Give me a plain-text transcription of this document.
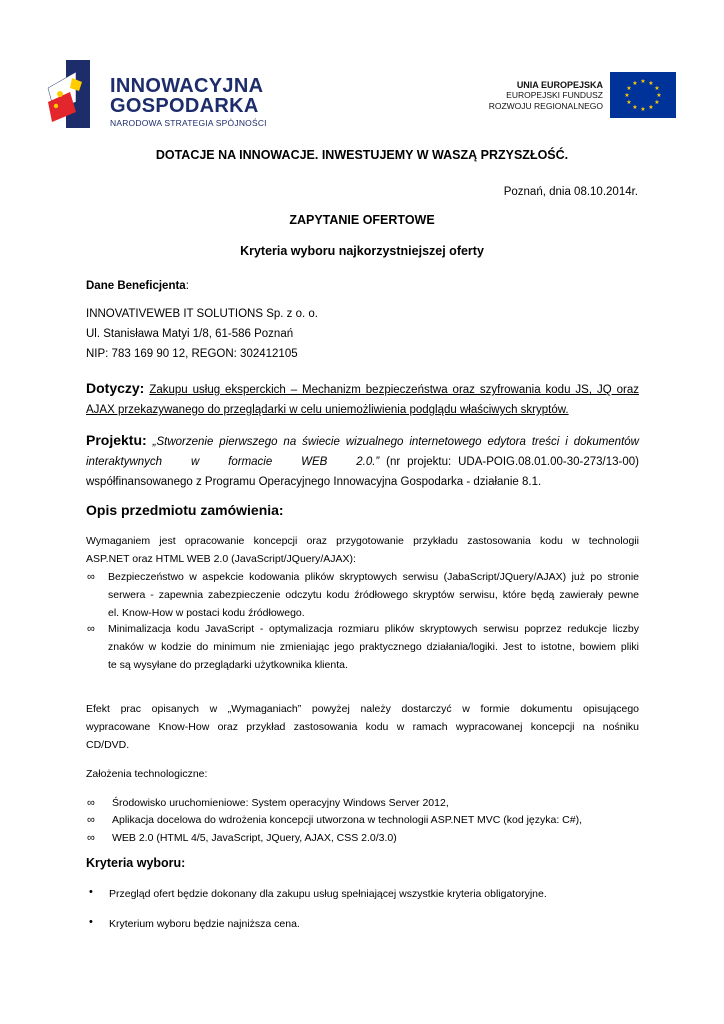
INNOWACYJNA
GOSPODARKA
NARODOWA STRATEGIA SPÓJNOŚCI
UNIA EUROPEJSKA
EUROPEJSKI FUNDUSZ
ROZWOJU REGIONALNEGO
★ ★
★
★
★
★
★
★
★
★
★
★
DOTACJE NA INNOWACJE. INWESTUJEMY W WASZĄ PRZYSZŁOŚĆ.
Poznań, dnia 08.10.2014r.
ZAPYTANIE OFERTOWE
Kryteria wyboru najkorzystniejszej oferty
Dane Beneficjenta:
INNOVATIVEWEB IT SOLUTIONS Sp. z o. o.
Ul. Stanisława Matyi 1/8, 61-586 Poznań
NIP: 783 169 90 12, REGON: 302412105
Dotyczy: Zakupu usług eksperckich – Mechanizm bezpieczeństwa oraz szyfrowania kodu JS, JQ oraz
AJAX przekazywanego do przeglądarki w celu uniemożliwienia podglądu właściwych skryptów.
Projektu: „Stworzenie pierwszego na świecie wizualnego internetowego edytora treści i dokumentów
interaktywnych w formacie WEB 2.0.” (nr projektu: UDA-POIG.08.01.00-30-273/13-00)
współfinansowanego z Programu Operacyjnego Innowacyjna Gospodarka - działanie 8.1.
Opis przedmiotu zamówienia:
Wymaganiem jest opracowanie koncepcji oraz przygotowanie przykładu zastosowania kodu w technologii
ASP.NET oraz HTML WEB 2.0 (JavaScript/JQuery/AJAX):
∞ Bezpieczeństwo w aspekcie kodowania plików skryptowych serwisu (JabaScript/JQuery/AJAX) już po stronie
serwera - zapewnia zabezpieczenie odczytu kodu źródłowego skryptów serwisu, które będą zawierały pewne
el. Know-How w postaci kodu źródłowego.
∞ Minimalizacja kodu JavaScript - optymalizacja rozmiaru plików skryptowych serwisu poprzez redukcje liczby
znaków w kodzie do minimum nie zmieniając jego praktycznego działania/logiki. Jest to istotne, bowiem pliki
te są wysyłane do przeglądarki użytkownika klienta.
Efekt prac opisanych w „Wymaganiach” powyżej należy dostarczyć w formie dokumentu opisującego
wypracowane Know-How oraz przykład zastosowania kodu w ramach wypracowanej koncepcji na nośniku
CD/DVD.
Założenia technologiczne:
∞ Środowisko uruchomieniowe: System operacyjny Windows Server 2012,
∞ Aplikacja docelowa do wdrożenia koncepcji utworzona w technologii ASP.NET MVC (kod języka: C#),
∞ WEB 2.0 (HTML 4/5, JavaScript, JQuery, AJAX, CSS 2.0/3.0)
Kryteria wyboru:
• Przegląd ofert będzie dokonany dla zakupu usług spełniającej wszystkie kryteria obligatoryjne.
• Kryterium wyboru będzie najniższa cena.
